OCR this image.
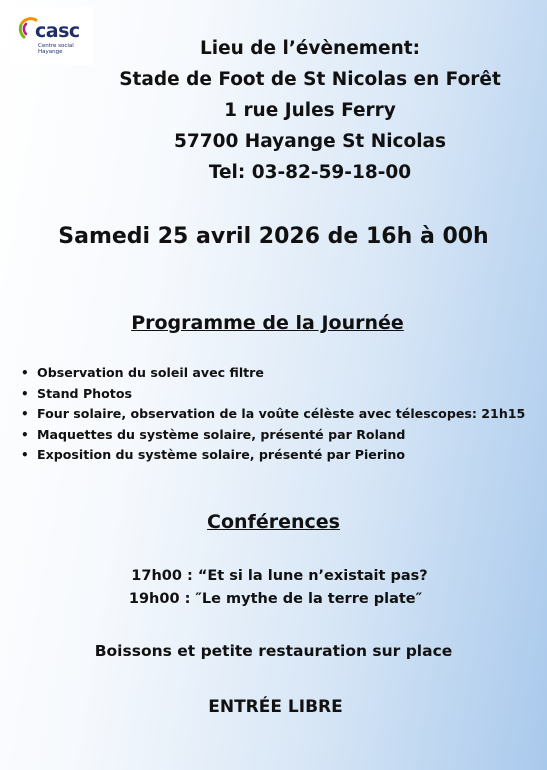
casc
Centre social
Hayange	Lieu de l’évènement:
Stade de Foot de St Nicolas en Forêt
1 rue Jules Ferry
57700 Hayange St Nicolas
Tel: 03-82-59-18-00
Samedi 25 avril 2026 de 16h à 00h
Programme de la Journée
• Observation du soleil avec filtre
• Stand Photos
• Four solaire, observation de la voûte célèste avec télescopes: 21h15
• Maquettes du système solaire, présenté par Roland
• Exposition du système solaire, présenté par Pierino
Conférences
17h00 : “Et si la lune n’existait pas?
19h00 : ″Le mythe de la terre plate″
Boissons et petite restauration sur place
ENTRÉE LIBRE
